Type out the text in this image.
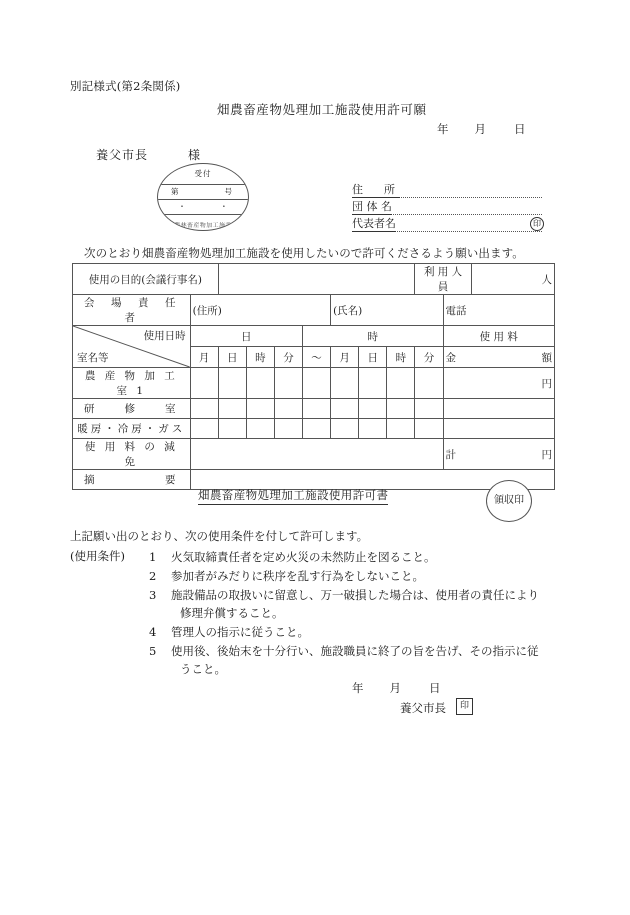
別記様式(第2条関係)
畑農畜産物処理加工施設使用許可願
年 月 日
養父市長	様
受付
第	号
・ ・
農林畜産物加工施設
住　所
団 体 名
代表者名	印
次のとおり畑農畜産物処理加工施設を使用したいので許可くださるよう願い出ます。
使用の目的(会議行事名)									利 用 人 員		人
会　場　責　任　者	(住所)					(氏名)				電話	

使用日時
室名等	日				時					使 用 料	
	月	日	時	分	〜	月	日	時	分	金 額	

農 産 物 加 工 室 1										円	
研　　修　　室											
暖房・冷房・ガス											
使 用 料 の 減 免										計 円	

摘　　　　　要											
畑農畜産物処理加工施設使用許可書	領収印
上記願い出のとおり、次の使用条件を付して許可します。
(使用条件) 1	火気取締責任者を定め火災の未然防止を図ること。
2	参加者がみだりに秩序を乱す行為をしないこと。
3	施設備品の取扱いに留意し、万一破損した場合は、使用者の責任により
修理弁償すること。
4	管理人の指示に従うこと。
5	使用後、後始末を十分行い、施設職員に終了の旨を告げ、その指示に従
うこと。
年 月 日
養父市長	印
